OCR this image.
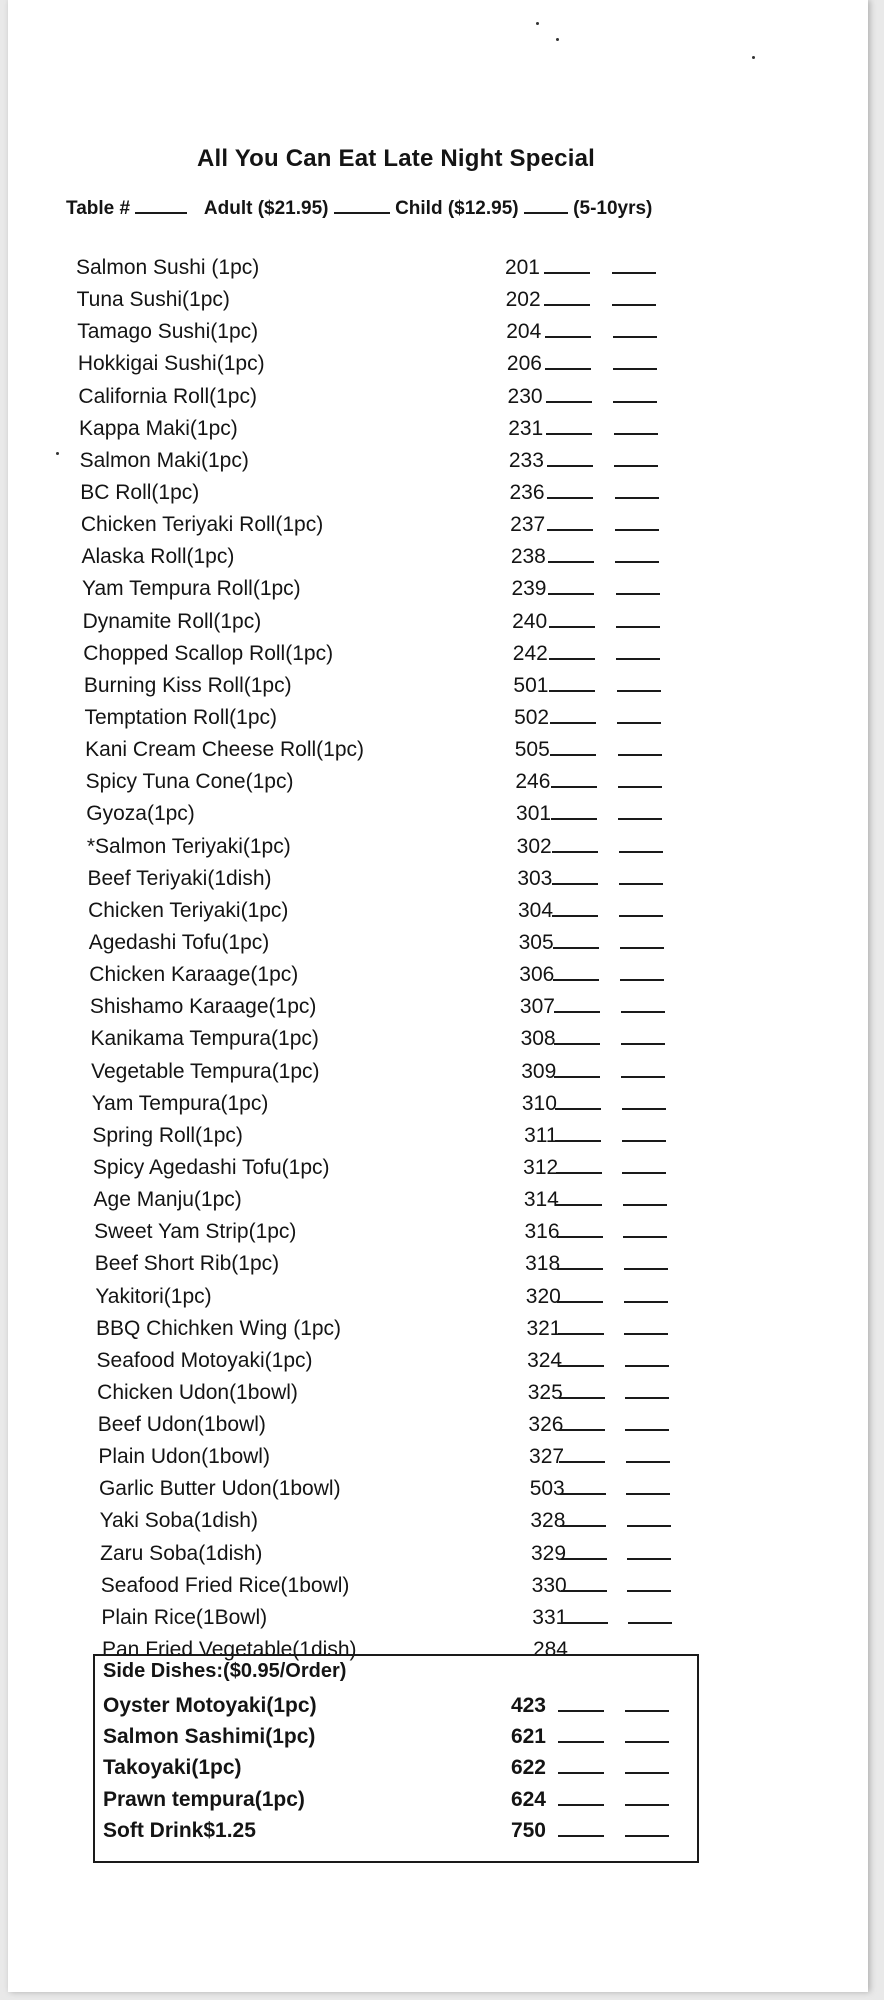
All You Can Eat Late Night Special
Table #	Adult ($21.95)	Child ($12.95)	(5-10yrs)
Salmon Sushi (1pc)	201
Tuna Sushi(1pc)	202
Tamago Sushi(1pc)	204
Hokkigai Sushi(1pc)	206
California Roll(1pc)	230
Kappa Maki(1pc)	231
Salmon Maki(1pc)	233
BC Roll(1pc)	236
Chicken Teriyaki Roll(1pc)	237
Alaska Roll(1pc)	238
Yam Tempura Roll(1pc)	239
Dynamite Roll(1pc)	240
Chopped Scallop Roll(1pc)	242
Burning Kiss Roll(1pc)	501
Temptation Roll(1pc)	502
Kani Cream Cheese Roll(1pc)	505
Spicy Tuna Cone(1pc)	246
Gyoza(1pc)	301
*Salmon Teriyaki(1pc)	302
Beef Teriyaki(1dish)	303
Chicken Teriyaki(1pc)	304
Agedashi Tofu(1pc)	305
Chicken Karaage(1pc)	306
Shishamo Karaage(1pc)	307
Kanikama Tempura(1pc)	308
Vegetable Tempura(1pc)	309
Yam Tempura(1pc)	310
Spring Roll(1pc)	311
Spicy Agedashi Tofu(1pc)	312
Age Manju(1pc)	314
Sweet Yam Strip(1pc)	316
Beef Short Rib(1pc)	318
Yakitori(1pc)	320
BBQ Chichken Wing (1pc)	321
Seafood Motoyaki(1pc)	324
Chicken Udon(1bowl)	325
Beef Udon(1bowl)	326
Plain Udon(1bowl)	327
Garlic Butter Udon(1bowl)	503
Yaki Soba(1dish)	328
Zaru Soba(1dish)	329
Seafood Fried Rice(1bowl)	330
Plain Rice(1Bowl)	331
Pan Fried Vegetable(1dish)	284
Side Dishes:($0.95/Order)
Oyster Motoyaki(1pc)	423
Salmon Sashimi(1pc)	621
Takoyaki(1pc)	622
Prawn tempura(1pc)	624
Soft Drink$1.25	750
